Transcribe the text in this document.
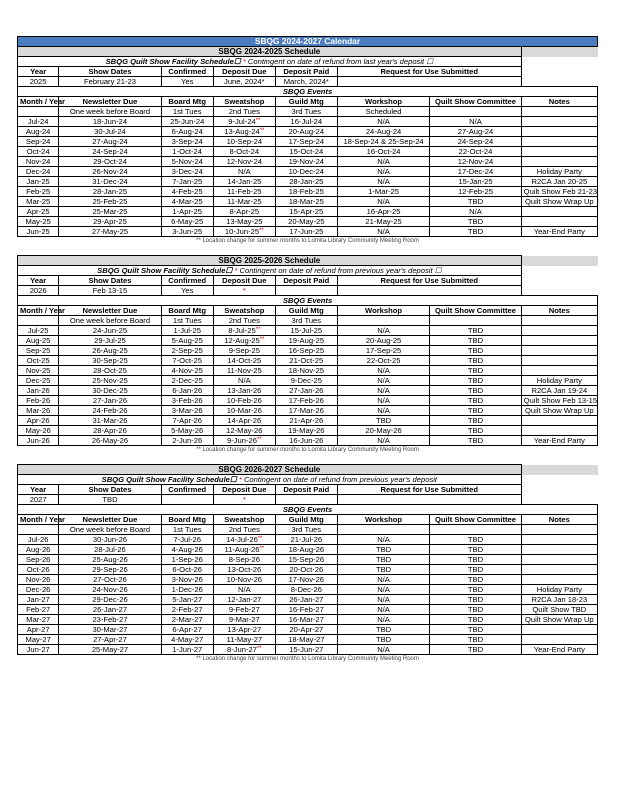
SBQG 2024-2027 Calendar							
SBQG 2024-2025 Schedule							
SBQG Quilt Show Facility Schedule☐ * Contingent on date of refund from last year's deposit ☐							
Year	Show Dates	Confirmed	Deposit Due	Deposit Paid	Request for Use Submitted		
2025	February 21-23	Yes	June, 2024*	March, 2024*			
SBQG Events							
Month / Year	Newsletter Due	Board Mtg	Sweatshop	Guild Mtg	Workshop	Quilt Show Committee	Notes
	One week before Board	1st Tues	2nd Tues	3rd Tues	Scheduled		
Jul-24	18-Jun-24	25-Jun-24	9-Jul-24**	16-Jul-24	N/A	N/A	
Aug-24	30-Jul-24	6-Aug-24	13-Aug-24**	20-Aug-24	24-Aug-24	27-Aug-24	
Sep-24	27-Aug-24	3-Sep-24	10-Sep-24	17-Sep-24	18-Sep-24 & 25-Sep-24	24-Sep-24	
Oct-24	24-Sep-24	1-Oct-24	8-Oct-24	15-Oct-24	16-Oct-24	22-Oct-24	
Nov-24	29-Oct-24	5-Nov-24	12-Nov-24	19-Nov-24	N/A	12-Nov-24	
Dec-24	26-Nov-24	3-Dec-24	N/A	10-Dec-24	N/A	17-Dec-24	Holiday Party
Jan-25	31-Dec-24	7-Jan-25	14-Jan-25	28-Jan-25	N/A	15-Jan-25	R2CA Jan 20-25
Feb-25	28-Jan-25	4-Feb-25	11-Feb-25	18-Feb-25	1-Mar-25	12-Feb-25	Quilt Show Feb 21-23
Mar-25	25-Feb-25	4-Mar-25	11-Mar-25	18-Mar-25	N/A	TBD	Quilt Show Wrap Up
Apr-25	25-Mar-25	1-Apr-25	8-Apr-25	15-Apr-25	16-Apr-25	N/A	
May-25	29-Apr-25	6-May-25	13-May-25	20-May-25	21-May-25	TBD	
Jun-25	27-May-25	3-Jun-25	10-Jun-25**	17-Jun-25	N/A	TBD	Year-End Party
** Location change for summer months to Lomita Library Community Meeting Room							

SBQG 2025-2026 Schedule							
SBQG Quilt Show Facility Schedule☐ * Contingent on date of refund from previous year's deposit ☐							
Year	Show Dates	Confirmed	Deposit Due	Deposit Paid	Request for Use Submitted		
2026	Feb 13-15	Yes	*				
SBQG Events							
Month / Year	Newsletter Due	Board Mtg	Sweatshop	Guild Mtg	Workshop	Quilt Show Committee	Notes
	One week before Board	1st Tues	2nd Tues	3rd Tues			
Jul-25	24-Jun-25	1-Jul-25	8-Jul-25**	15-Jul-25	N/A	TBD	
Aug-25	29-Jul-25	5-Aug-25	12-Aug-25**	19-Aug-25	20-Aug-25	TBD	
Sep-25	26-Aug-25	2-Sep-25	9-Sep-25	16-Sep-25	17-Sep-25	TBD	
Oct-25	30-Sep-25	7-Oct-25	14-Oct-25	21-Oct-25	22-Oct-25	TBD	
Nov-25	28-Oct-25	4-Nov-25	11-Nov-25	18-Nov-25	N/A	TBD	
Dec-25	25-Nov-25	2-Dec-25	N/A	9-Dec-25	N/A	TBD	Holiday Party
Jan-26	30-Dec-25	6-Jan-26	13-Jan-26	27-Jan-26	N/A	TBD	R2CA Jan 19-24
Feb-26	27-Jan-26	3-Feb-26	10-Feb-26	17-Feb-26	N/A	TBD	Quilt Show Feb 13-15
Mar-26	24-Feb-26	3-Mar-26	10-Mar-26	17-Mar-26	N/A	TBD	Quilt Show Wrap Up
Apr-26	31-Mar-26	7-Apr-26	14-Apr-26	21-Apr-26	TBD	TBD	
May-26	28-Apr-26	5-May-26	12-May-26	19-May-26	20-May-26	TBD	
Jun-26	26-May-26	2-Jun-26	9-Jun-26**	16-Jun-26	N/A	TBD	Year-End Party
** Location change for summer months to Lomita Library Community Meeting Room							

SBQG 2026-2027 Schedule							
SBQG Quilt Show Facility Schedule☐ * Contingent on date of refund from previous year's deposit							
Year	Show Dates	Confirmed	Deposit Due	Deposit Paid	Request for Use Submitted		
2027	TBD		*				
SBQG Events							
Month / Year	Newsletter Due	Board Mtg	Sweatshop	Guild Mtg	Workshop	Quilt Show Committee	Notes
	One week before Board	1st Tues	2nd Tues	3rd Tues			
Jul-26	30-Jun-26	7-Jul-26	14-Jul-26**	21-Jul-26	N/A	TBD	
Aug-26	28-Jul-26	4-Aug-26	11-Aug-26**	18-Aug-26	TBD	TBD	
Sep-26	25-Aug-26	1-Sep-26	8-Sep-26	15-Sep-26	TBD	TBD	
Oct-26	29-Sep-26	6-Oct-26	13-Oct-26	20-Oct-26	TBD	TBD	
Nov-26	27-Oct-26	3-Nov-26	10-Nov-26	17-Nov-26	N/A	TBD	
Dec-26	24-Nov-26	1-Dec-26	N/A	8-Dec-26	N/A	TBD	Holiday Party
Jan-27	29-Dec-26	5-Jan-27	12-Jan-27	26-Jan-27	N/A	TBD	R2CA Jan 18-23
Feb-27	26-Jan-27	2-Feb-27	9-Feb-27	16-Feb-27	N/A	TBD	Quilt Show TBD
Mar-27	23-Feb-27	2-Mar-27	9-Mar-27	16-Mar-27	N/A	TBD	Quilt Show Wrap Up
Apr-27	30-Mar-27	6-Apr-27	13-Apr-27	20-Apr-27	TBD	TBD	
May-27	27-Apr-27	4-May-27	11-May-27	18-May-27	TBD	TBD	
Jun-27	25-May-27	1-Jun-27	8-Jun-27**	15-Jun-27	N/A	TBD	Year-End Party
** Location change for summer months to Lomita Library Community Meeting Room							
